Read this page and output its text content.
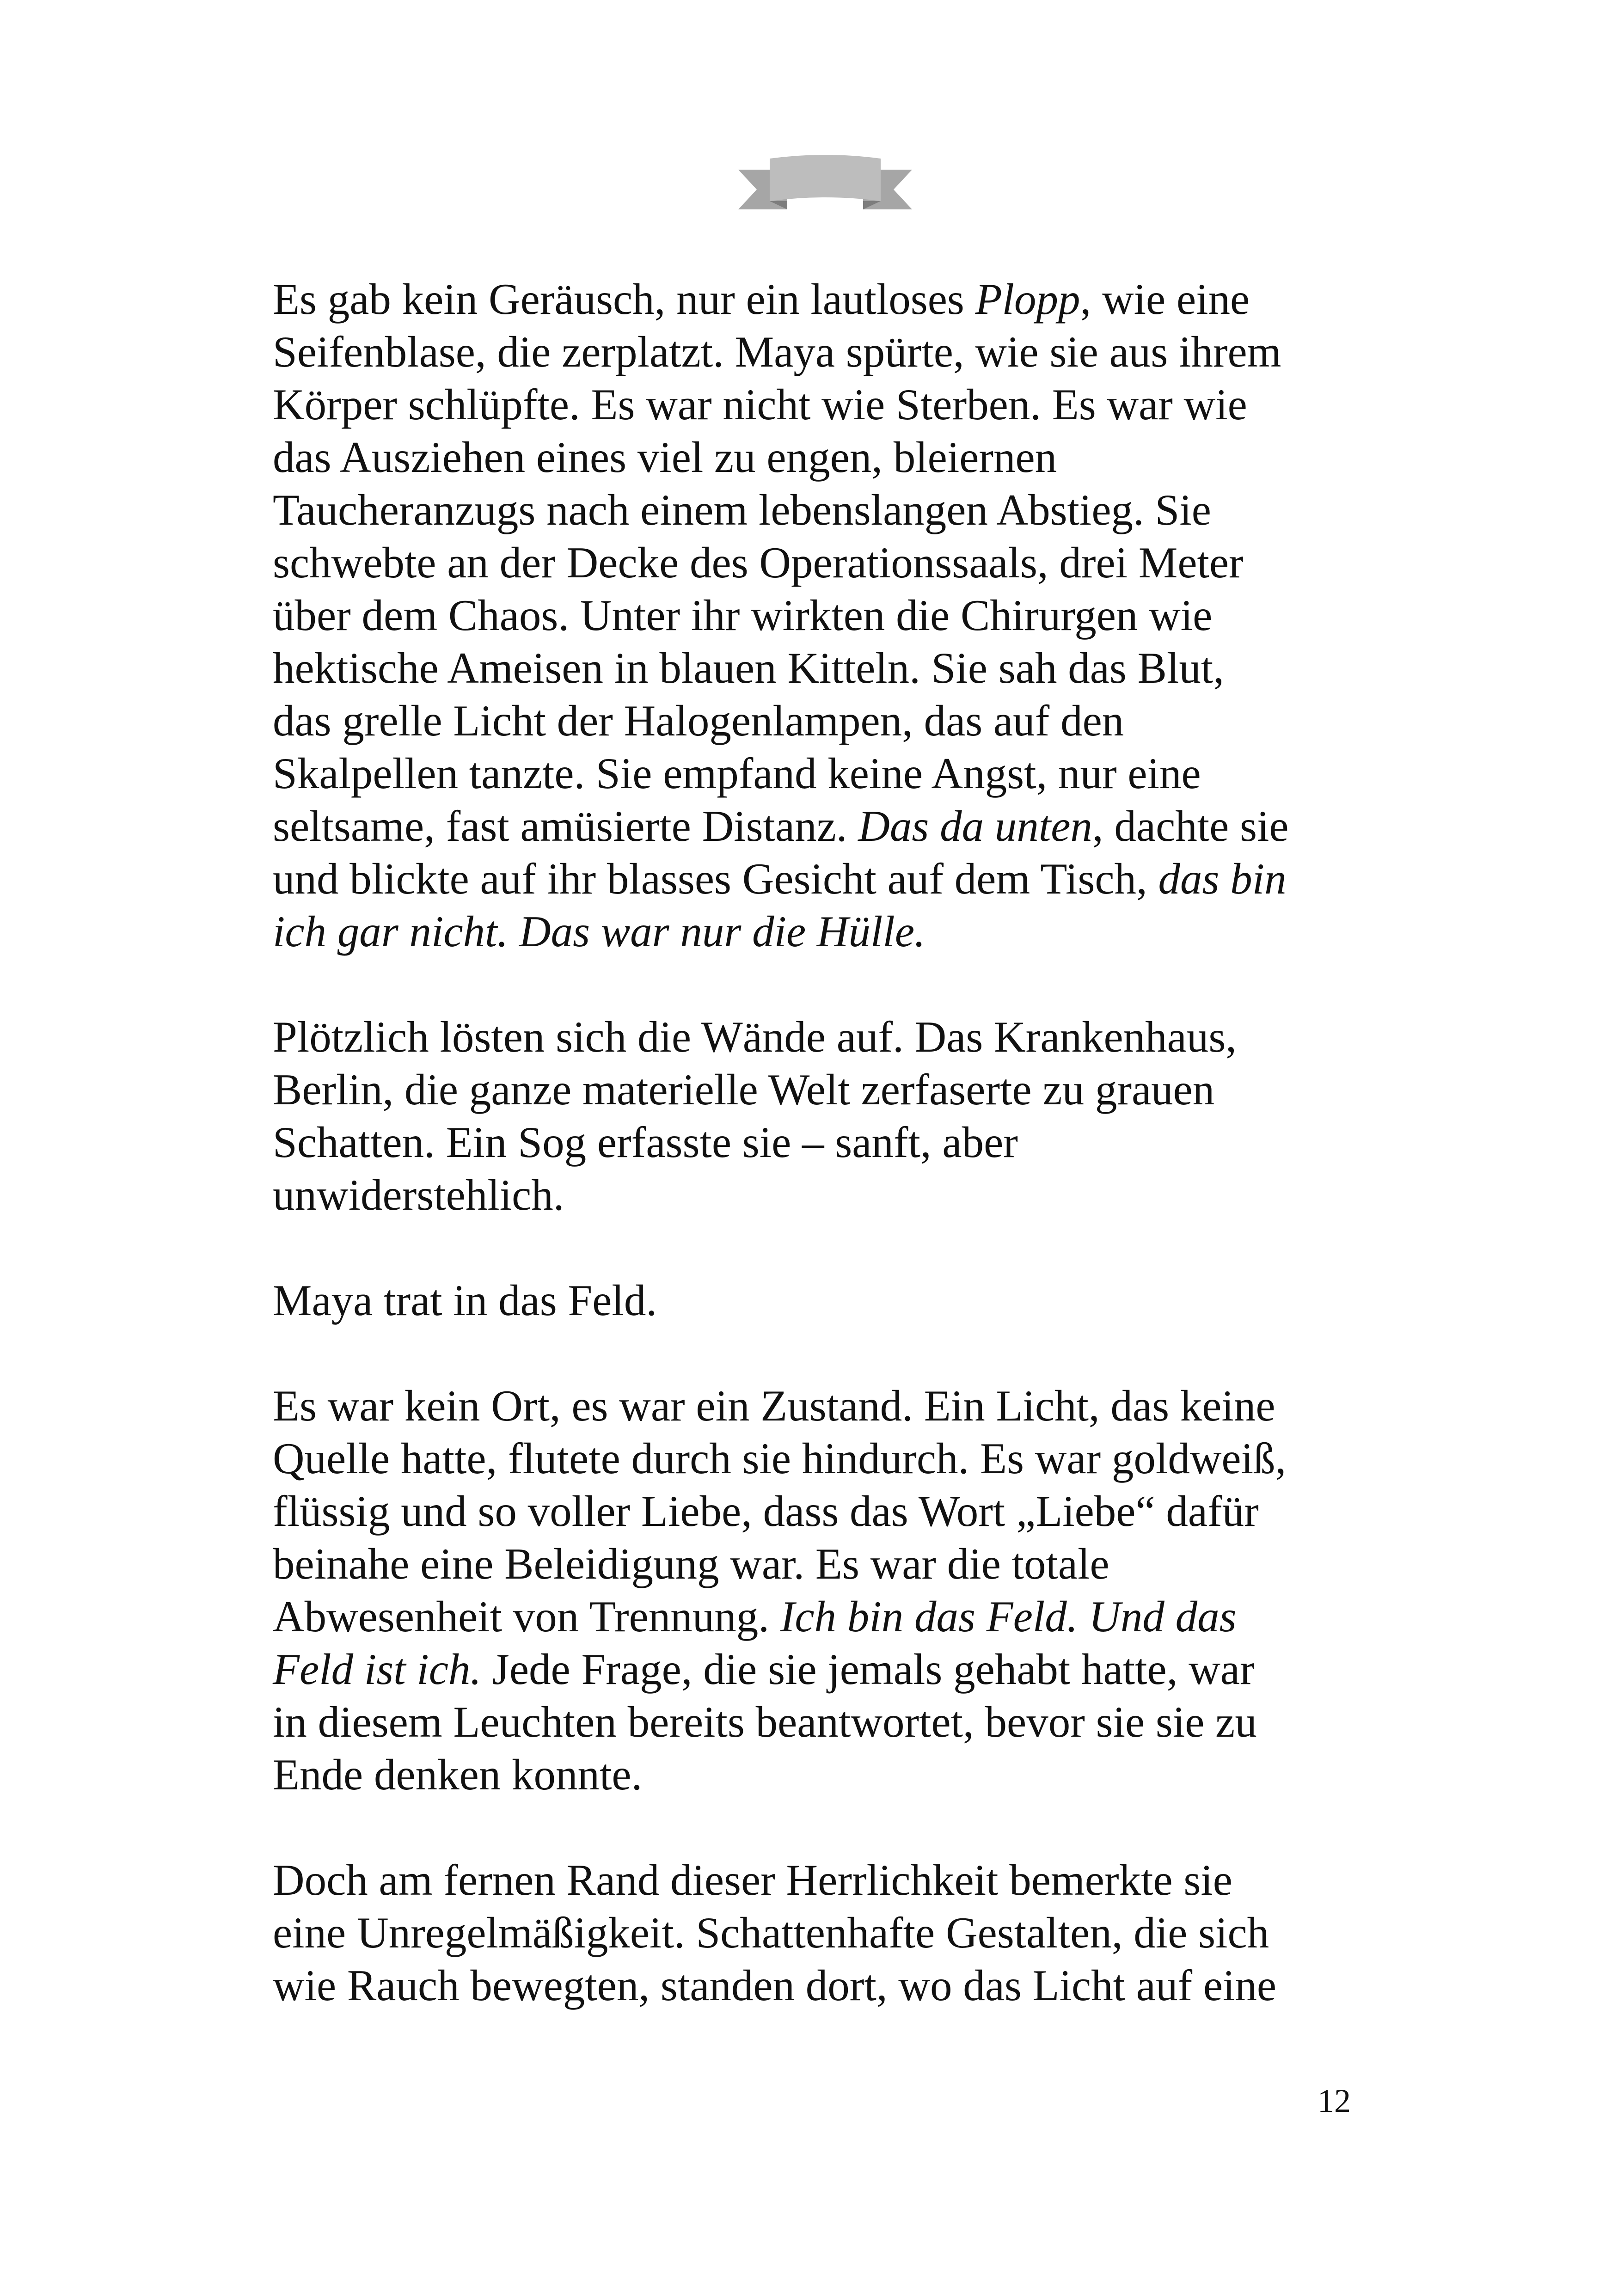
Es gab kein Geräusch, nur ein lautloses Plopp, wie eine
Seifenblase, die zerplatzt. Maya spürte, wie sie aus ihrem
Körper schlüpfte. Es war nicht wie Sterben. Es war wie
das Ausziehen eines viel zu engen, bleiernen
Taucheranzugs nach einem lebenslangen Abstieg. Sie
schwebte an der Decke des Operationssaals, drei Meter
über dem Chaos. Unter ihr wirkten die Chirurgen wie
hektische Ameisen in blauen Kitteln. Sie sah das Blut,
das grelle Licht der Halogenlampen, das auf den
Skalpellen tanzte. Sie empfand keine Angst, nur eine
seltsame, fast amüsierte Distanz. Das da unten, dachte sie
und blickte auf ihr blasses Gesicht auf dem Tisch, das bin
ich gar nicht. Das war nur die Hülle.
Plötzlich lösten sich die Wände auf. Das Krankenhaus,
Berlin, die ganze materielle Welt zerfaserte zu grauen
Schatten. Ein Sog erfasste sie – sanft, aber
unwiderstehlich.
Maya trat in das Feld.
Es war kein Ort, es war ein Zustand. Ein Licht, das keine
Quelle hatte, flutete durch sie hindurch. Es war goldweiß,
flüssig und so voller Liebe, dass das Wort „Liebe“ dafür
beinahe eine Beleidigung war. Es war die totale
Abwesenheit von Trennung. Ich bin das Feld. Und das
Feld ist ich. Jede Frage, die sie jemals gehabt hatte, war
in diesem Leuchten bereits beantwortet, bevor sie sie zu
Ende denken konnte.
Doch am fernen Rand dieser Herrlichkeit bemerkte sie
eine Unregelmäßigkeit. Schattenhafte Gestalten, die sich
wie Rauch bewegten, standen dort, wo das Licht auf eine
12
